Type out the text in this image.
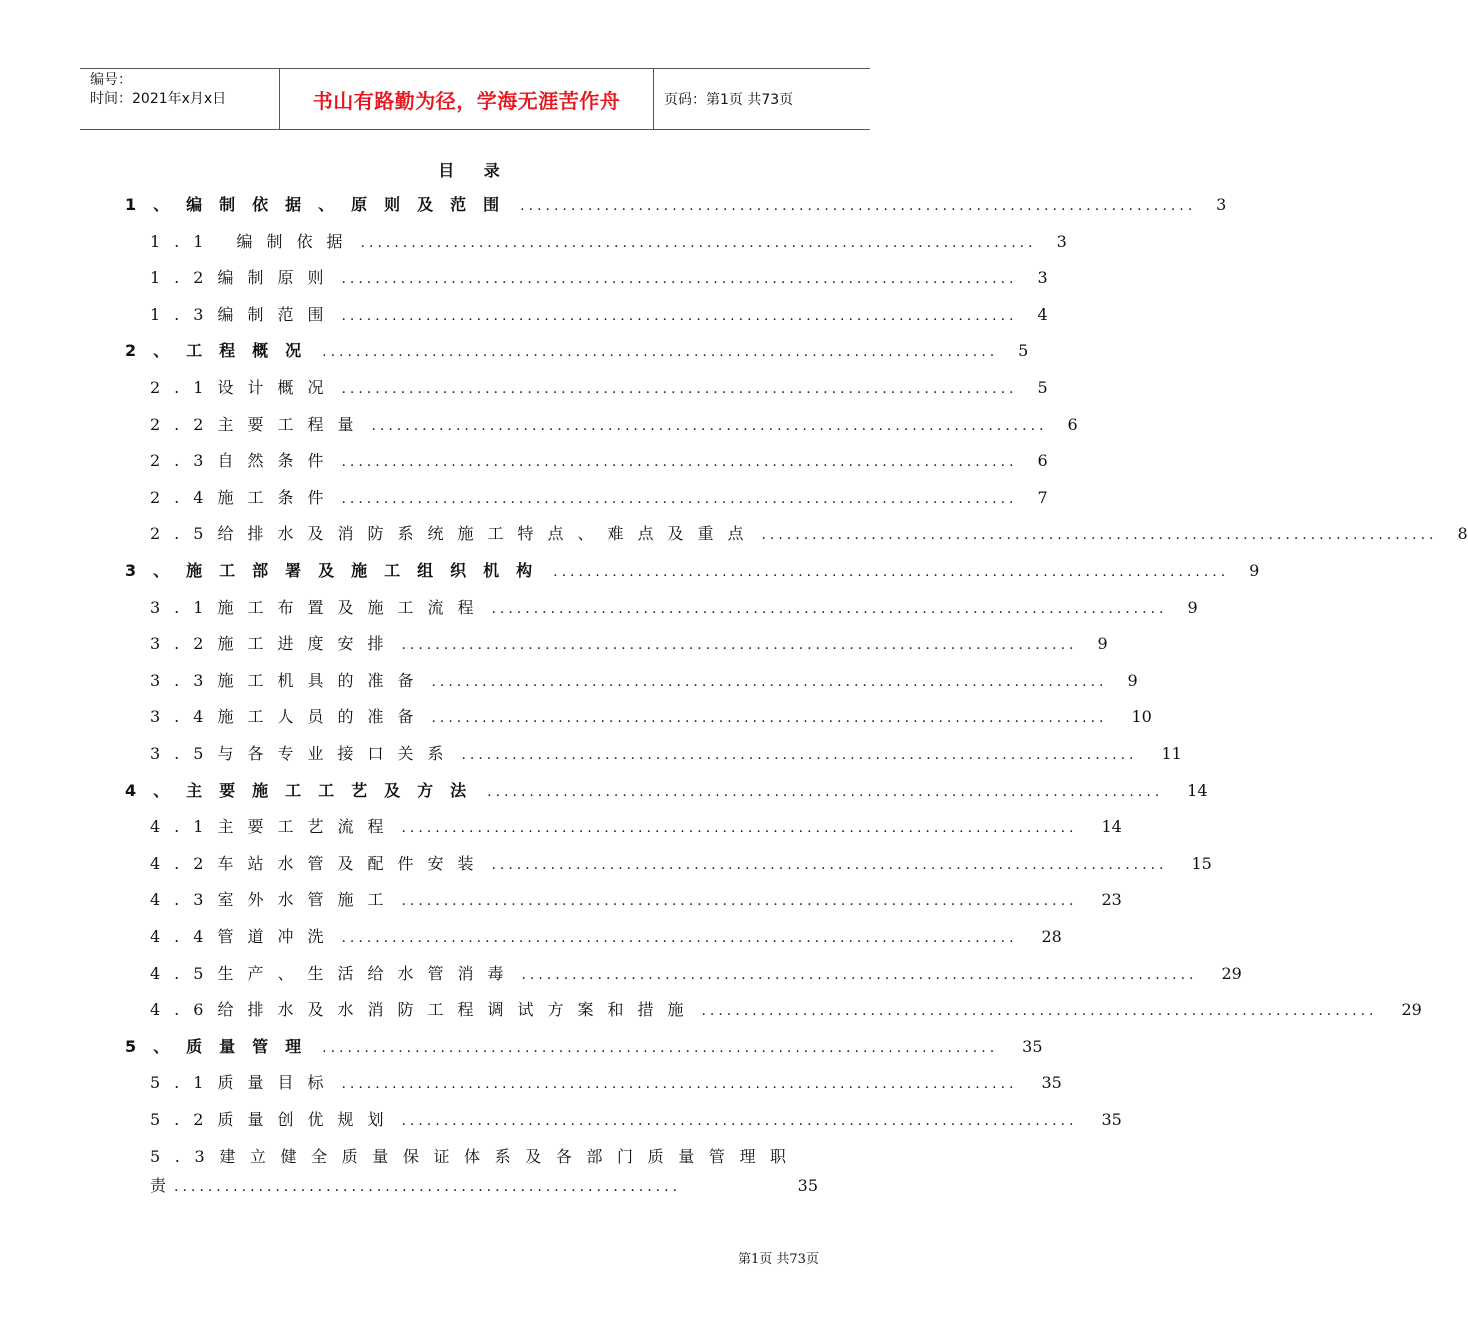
编号：
时间：2021年x月x日	书山有路勤为径，学海无涯苦作舟	页码：第1页 共73页
目 录
1、编制依据、原则及范围 ................................................................................	3
1.1 编制依据 ................................................................................	3
1.2编制原则 ................................................................................	3
1.3编制范围 ................................................................................	4
2、工程概况 ................................................................................	5
2.1设计概况 ................................................................................	5
2.2主要工程量 ................................................................................	6
2.3自然条件 ................................................................................	6
2.4施工条件 ................................................................................	7
2.5给排水及消防系统施工特点、难点及重点 ................................................................................	8
3、施工部署及施工组织机构 ................................................................................	9
3.1施工布置及施工流程 ................................................................................	9
3.2施工进度安排 ................................................................................	9
3.3施工机具的准备 ................................................................................	9
3.4施工人员的准备 ................................................................................	10
3.5与各专业接口关系 ................................................................................	11
4、主要施工工艺及方法 ................................................................................	14
4.1主要工艺流程 ................................................................................	14
4.2车站水管及配件安装 ................................................................................	15
4.3室外水管施工 ................................................................................	23
4.4管道冲洗 ................................................................................	28
4.5生产、生活给水管消毒 ................................................................................	29
4.6给排水及水消防工程调试方案和措施 ................................................................................	29
5、质量管理 ................................................................................	35
5.1质量目标 ................................................................................	35
5.2质量创优规划 ................................................................................	35
5.3建立健全质量保证体系及各部门质量管理职
责 ............................................................	35
第1页 共73页
